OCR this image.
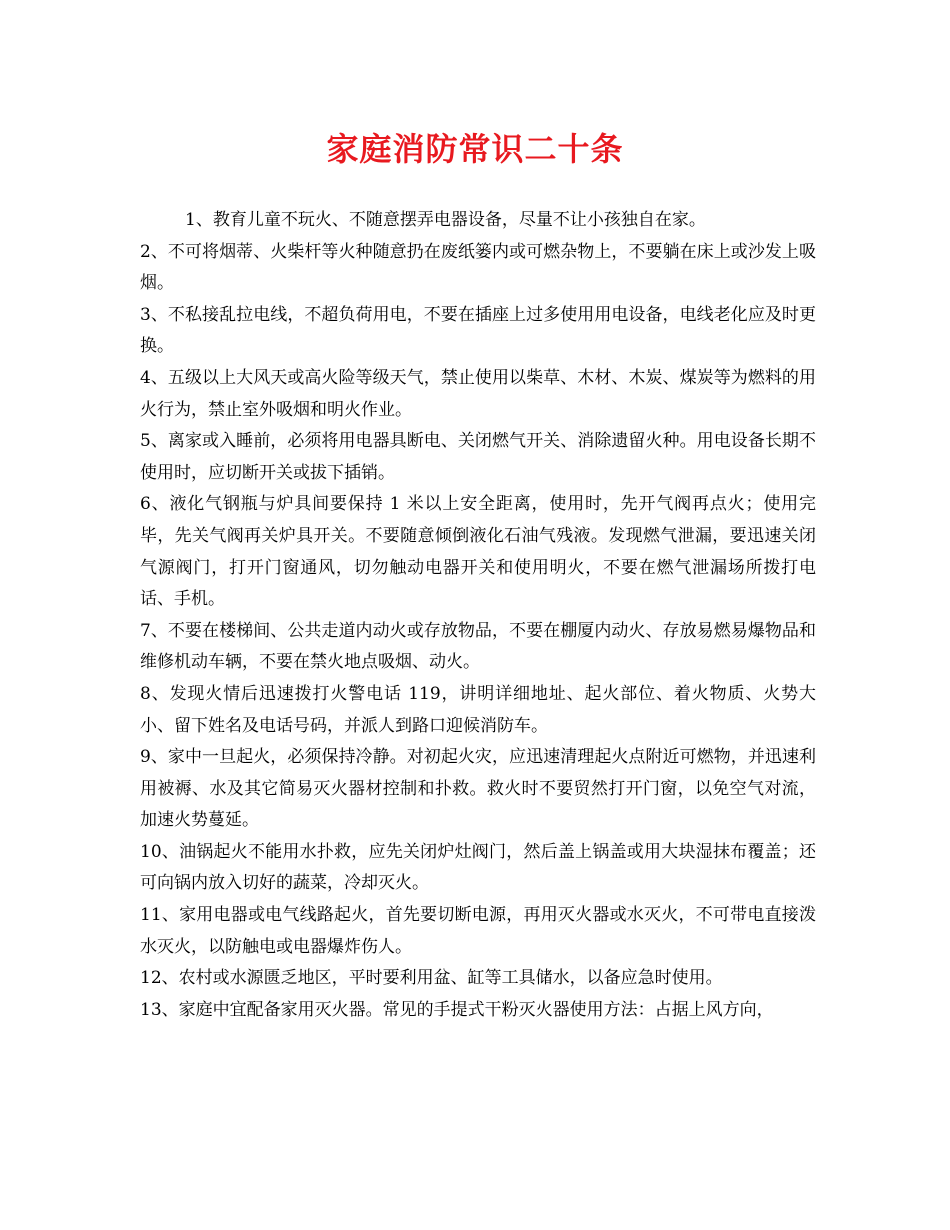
家庭消防常识二十条

1、教育儿童不玩火、不随意摆弄电器设备，尽量不让小孩独自在家。

2、不可将烟蒂、火柴杆等火种随意扔在废纸篓内或可燃杂物上，不要躺在床上或沙发上吸烟。

3、不私接乱拉电线，不超负荷用电，不要在插座上过多使用用电设备，电线老化应及时更换。

4、五级以上大风天或高火险等级天气，禁止使用以柴草、木材、木炭、煤炭等为燃料的用火行为，禁止室外吸烟和明火作业。

5、离家或入睡前，必须将用电器具断电、关闭燃气开关、消除遗留火种。用电设备长期不使用时，应切断开关或拔下插销。

6、液化气钢瓶与炉具间要保持 1 米以上安全距离，使用时，先开气阀再点火；使用完毕，先关气阀再关炉具开关。不要随意倾倒液化石油气残液。发现燃气泄漏，要迅速关闭气源阀门，打开门窗通风，切勿触动电器开关和使用明火，不要在燃气泄漏场所拨打电话、手机。

7、不要在楼梯间、公共走道内动火或存放物品，不要在棚厦内动火、存放易燃易爆物品和维修机动车辆，不要在禁火地点吸烟、动火。

8、发现火情后迅速拨打火警电话 119，讲明详细地址、起火部位、着火物质、火势大小、留下姓名及电话号码，并派人到路口迎候消防车。

9、家中一旦起火，必须保持冷静。对初起火灾，应迅速清理起火点附近可燃物，并迅速利用被褥、水及其它简易灭火器材控制和扑救。救火时不要贸然打开门窗，以免空气对流，加速火势蔓延。

10、油锅起火不能用水扑救，应先关闭炉灶阀门，然后盖上锅盖或用大块湿抹布覆盖；还可向锅内放入切好的蔬菜，冷却灭火。

11、家用电器或电气线路起火，首先要切断电源，再用灭火器或水灭火，不可带电直接泼水灭火，以防触电或电器爆炸伤人。

12、农村或水源匮乏地区，平时要利用盆、缸等工具储水，以备应急时使用。

13、家庭中宜配备家用灭火器。常见的手提式干粉灭火器使用方法：占据上风方向，
